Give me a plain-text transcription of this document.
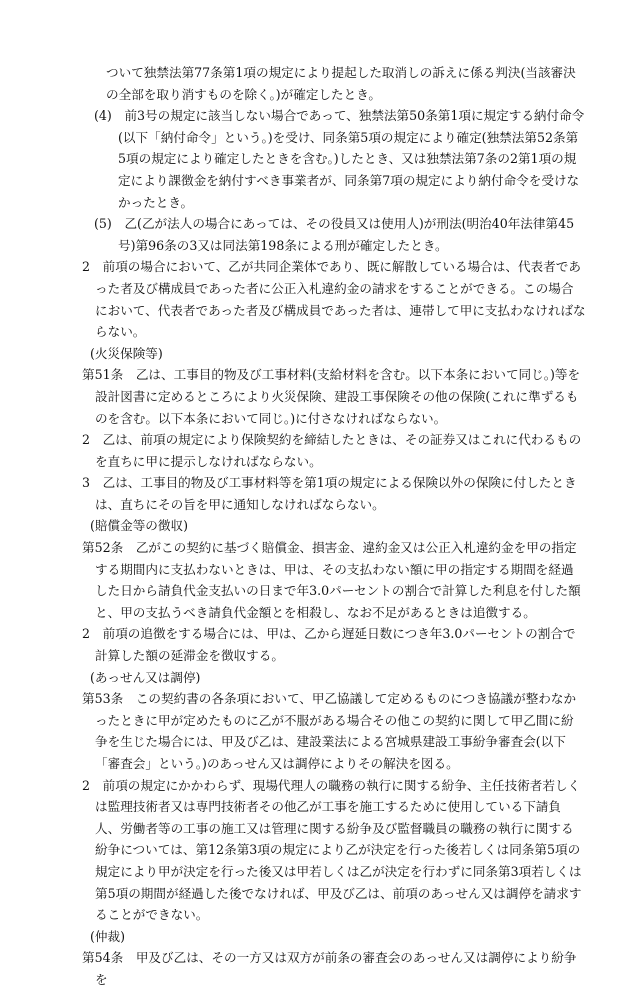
ついて独禁法第77条第1項の規定により提起した取消しの訴えに係る判決(当該審決の全部を取り消すものを除く。)が確定したとき。
(4)　 前3号の規定に該当しない場合であって、独禁法第50条第1項に規定する納付命令(以下「納付命令」という。)を受け、同条第5項の規定により確定(独禁法第52条第5項の規定により確定したときを含む。)したとき、又は独禁法第7条の2第1項の規定により課徴金を納付すべき事業者が、同条第7項の規定により納付命令を受けなかったとき。
(5)　 乙(乙が法人の場合にあっては、その役員又は使用人)が刑法(明治40年法律第45号)第96条の3又は同法第198条による刑が確定したとき。
2　 前項の場合において、乙が共同企業体であり、既に解散している場合は、代表者であった者及び構成員であった者に公正入札違約金の請求をすることができる。この場合において、代表者であった者及び構成員であった者は、連帯して甲に支払わなければならない。
(火災保険等)
第51条　 乙は、工事目的物及び工事材料(支給材料を含む。以下本条において同じ。)等を設計図書に定めるところにより火災保険、建設工事保険その他の保険(これに準ずるものを含む。以下本条において同じ。)に付さなければならない。
2　 乙は、前項の規定により保険契約を締結したときは、その証券又はこれに代わるものを直ちに甲に提示しなければならない。
3　 乙は、工事目的物及び工事材料等を第1項の規定による保険以外の保険に付したときは、直ちにその旨を甲に通知しなければならない。
(賠償金等の徴収)
第52条　 乙がこの契約に基づく賠償金、損害金、違約金又は公正入札違約金を甲の指定する期間内に支払わないときは、甲は、その支払わない額に甲の指定する期間を経過した日から請負代金支払いの日まで年3.0パーセントの割合で計算した利息を付した額と、甲の支払うべき請負代金額とを相殺し、なお不足があるときは追徴する。
2　 前項の追徴をする場合には、甲は、乙から遅延日数につき年3.0パーセントの割合で計算した額の延滞金を徴収する。
(あっせん又は調停)
第53条　 この契約書の各条項において、甲乙協議して定めるものにつき協議が整わなかったときに甲が定めたものに乙が不服がある場合その他この契約に関して甲乙間に紛争を生じた場合には、甲及び乙は、建設業法による宮城県建設工事紛争審査会(以下「審査会」という。)のあっせん又は調停によりその解決を図る。
2　 前項の規定にかかわらず、現場代理人の職務の執行に関する紛争、主任技術者若しくは監理技術者又は専門技術者その他乙が工事を施工するために使用している下請負人、労働者等の工事の施工又は管理に関する紛争及び監督職員の職務の執行に関する紛争については、第12条第3項の規定により乙が決定を行った後若しくは同条第5項の規定により甲が決定を行った後又は甲若しくは乙が決定を行わずに同条第3項若しくは第5項の期間が経過した後でなければ、甲及び乙は、前項のあっせん又は調停を請求することができない。
(仲裁)
第54条　 甲及び乙は、その一方又は双方が前条の審査会のあっせん又は調停により紛争を
